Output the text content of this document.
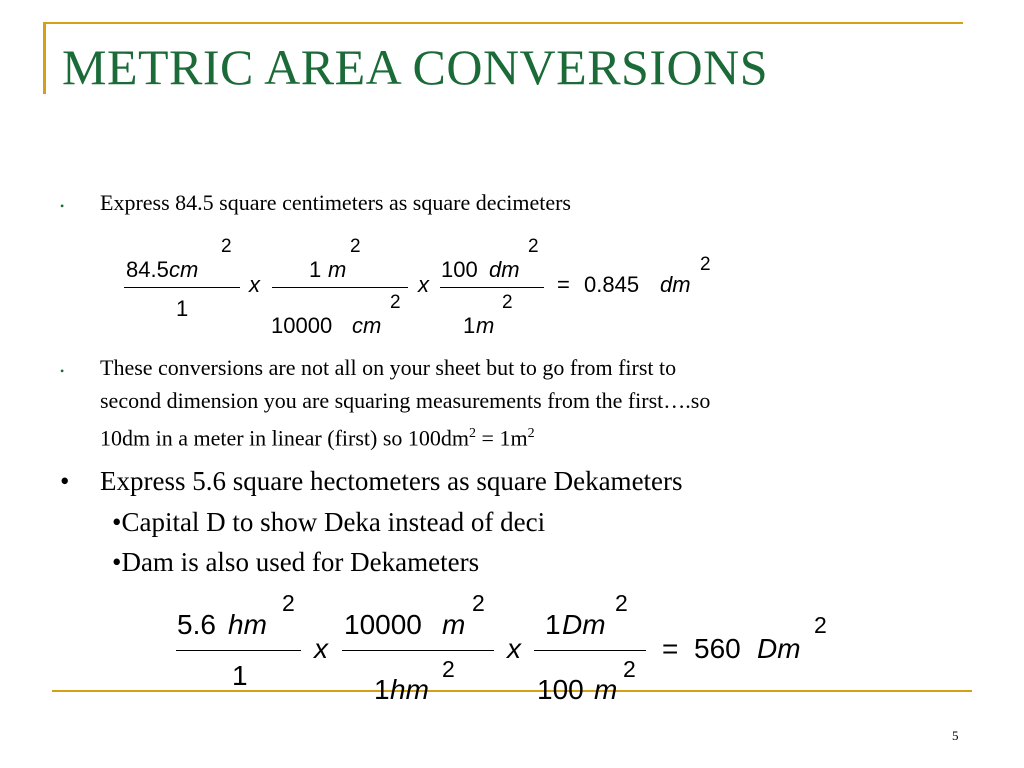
METRIC AREA CONVERSIONS
• Express 84.5 square centimeters as square decimeters
84.5 cm
2
1
x
1 m
2
10000 cm
2
x
100 dm
2
1 m
2
= 0.845 dm
2
• These conversions are not all on your sheet but to go from first to
second dimension you are squaring measurements from the first….so
10dm in a meter in linear (first) so $100dm^2 = 1m^2$
• Express 5.6 square hectometers as square Dekameters
•Capital D to show Deka instead of deci
•Dam is also used for Dekameters
5.6 hm
2
1
x
10000 m
2
1 hm
2
x
1 Dm
2
100 m
2
= 560 Dm
2
5
